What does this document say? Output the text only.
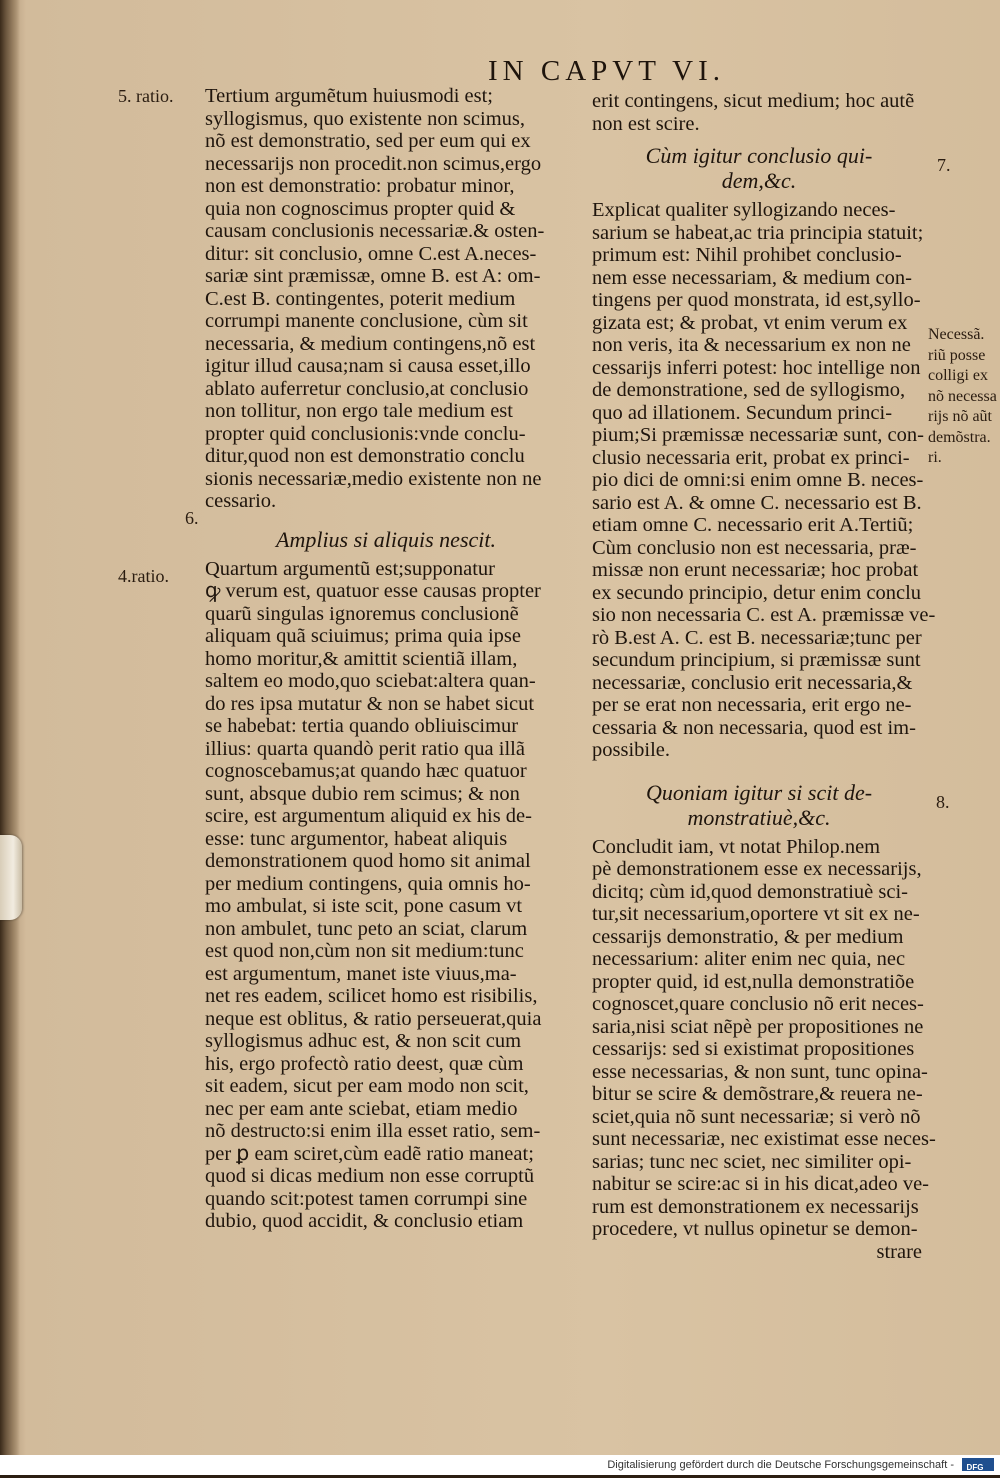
IN CAPVT VI.
5. ratio.
6.
4.ratio.
7.
8.
Necessã.
riũ posse
colligi ex
nõ necessa
rijs nõ aũt
demõstra.
ri.
Tertium argumẽtum huiusmodi est;
syllogismus, quo existente non scimus,
nõ est demonstratio, sed per eum qui ex
necessarijs non procedit.non scimus,ergo
non est demonstratio: probatur minor,
quia non cognoscimus propter quid &
causam conclusionis necessariæ.& osten-
ditur: sit conclusio, omne C.est A.neces-
sariæ sint præmissæ, omne B. est A: om-
C.est B. contingentes, poterit medium
corrumpi manente conclusione, cùm sit
necessaria, & medium contingens,nõ est
igitur illud causa;nam si causa esset,illo
ablato auferretur conclusio,at conclusio
non tollitur, non ergo tale medium est
propter quid conclusionis:vnde conclu-
ditur,quod non est demonstratio conclu
sionis necessariæ,medio existente non ne
cessario.
Amplius si aliquis nescit.
Quartum argumentũ est;supponatur
ꝙ verum est, quatuor esse causas propter
quarũ singulas ignoremus conclusionẽ
aliquam quã sciuimus; prima quia ipse
homo moritur,& amittit scientiã illam,
saltem eo modo,quo sciebat:altera quan-
do res ipsa mutatur & non se habet sicut
se habebat: tertia quando obliuiscimur
illius: quarta quandò perit ratio qua illã
cognoscebamus;at quando hæc quatuor
sunt, absque dubio rem scimus; & non
scire, est argumentum aliquid ex his de-
esse: tunc argumentor, habeat aliquis
demonstrationem quod homo sit animal
per medium contingens, quia omnis ho-
mo ambulat, si iste scit, pone casum vt
non ambulet, tunc peto an sciat, clarum
est quod non,cùm non sit medium:tunc
est argumentum, manet iste viuus,ma-
net res eadem, scilicet homo est risibilis,
neque est oblitus, & ratio perseuerat,quia
syllogismus adhuc est, & non scit cum
his, ergo profectò ratio deest, quæ cùm
sit eadem, sicut per eam modo non scit,
nec per eam ante sciebat, etiam medio
nõ destructo:si enim illa esset ratio, sem-
per ꝑ eam sciret,cùm eadẽ ratio maneat;
quod si dicas medium non esse corruptũ
quando scit:potest tamen corrumpi sine
dubio, quod accidit, & conclusio etiam
erit contingens, sicut medium; hoc autẽ
non est scire.
Cùm igitur conclusio qui-
dem,&c.
Explicat qualiter syllogizando neces-
sarium se habeat,ac tria principia statuit;
primum est: Nihil prohibet conclusio-
nem esse necessariam, & medium con-
tingens per quod monstrata, id est,syllo-
gizata est; & probat, vt enim verum ex
non veris, ita & necessarium ex non ne
cessarijs inferri potest: hoc intellige non
de demonstratione, sed de syllogismo,
quo ad illationem. Secundum princi-
pium;Si præmissæ necessariæ sunt, con-
clusio necessaria erit, probat ex princi-
pio dici de omni:si enim omne B. neces-
sario est A. & omne C. necessario est B.
etiam omne C. necessario erit A.Tertiũ;
Cùm conclusio non est necessaria, præ-
missæ non erunt necessariæ; hoc probat
ex secundo principio, detur enim conclu
sio non necessaria C. est A. præmissæ ve-
rò B.est A. C. est B. necessariæ;tunc per
secundum principium, si præmissæ sunt
necessariæ, conclusio erit necessaria,&
per se erat non necessaria, erit ergo ne-
cessaria & non necessaria, quod est im-
possibile.
Quoniam igitur si scit de-
monstratiuè,&c.
Concludit iam, vt notat Philop.nem
pè demonstrationem esse ex necessarijs,
dicitq; cùm id,quod demonstratiuè sci-
tur,sit necessarium,oportere vt sit ex ne-
cessarijs demonstratio, & per medium
necessarium: aliter enim nec quia, nec
propter quid, id est,nulla demonstratiõe
cognoscet,quare conclusio nõ erit neces-
saria,nisi sciat nẽpè per propositiones ne
cessarijs: sed si existimat propositiones
esse necessarias, & non sunt, tunc opina-
bitur se scire & demõstrare,& reuera ne-
sciet,quia nõ sunt necessariæ; si verò nõ
sunt necessariæ, nec existimat esse neces-
sarias; tunc nec sciet, nec similiter opi-
nabitur se scire:ac si in his dicat,adeo ve-
rum est demonstrationem ex necessarijs
procedere, vt nullus opinetur se demon-
strare
Digitalisierung gefördert durch die Deutsche Forschungsgemeinschaft - DFG
